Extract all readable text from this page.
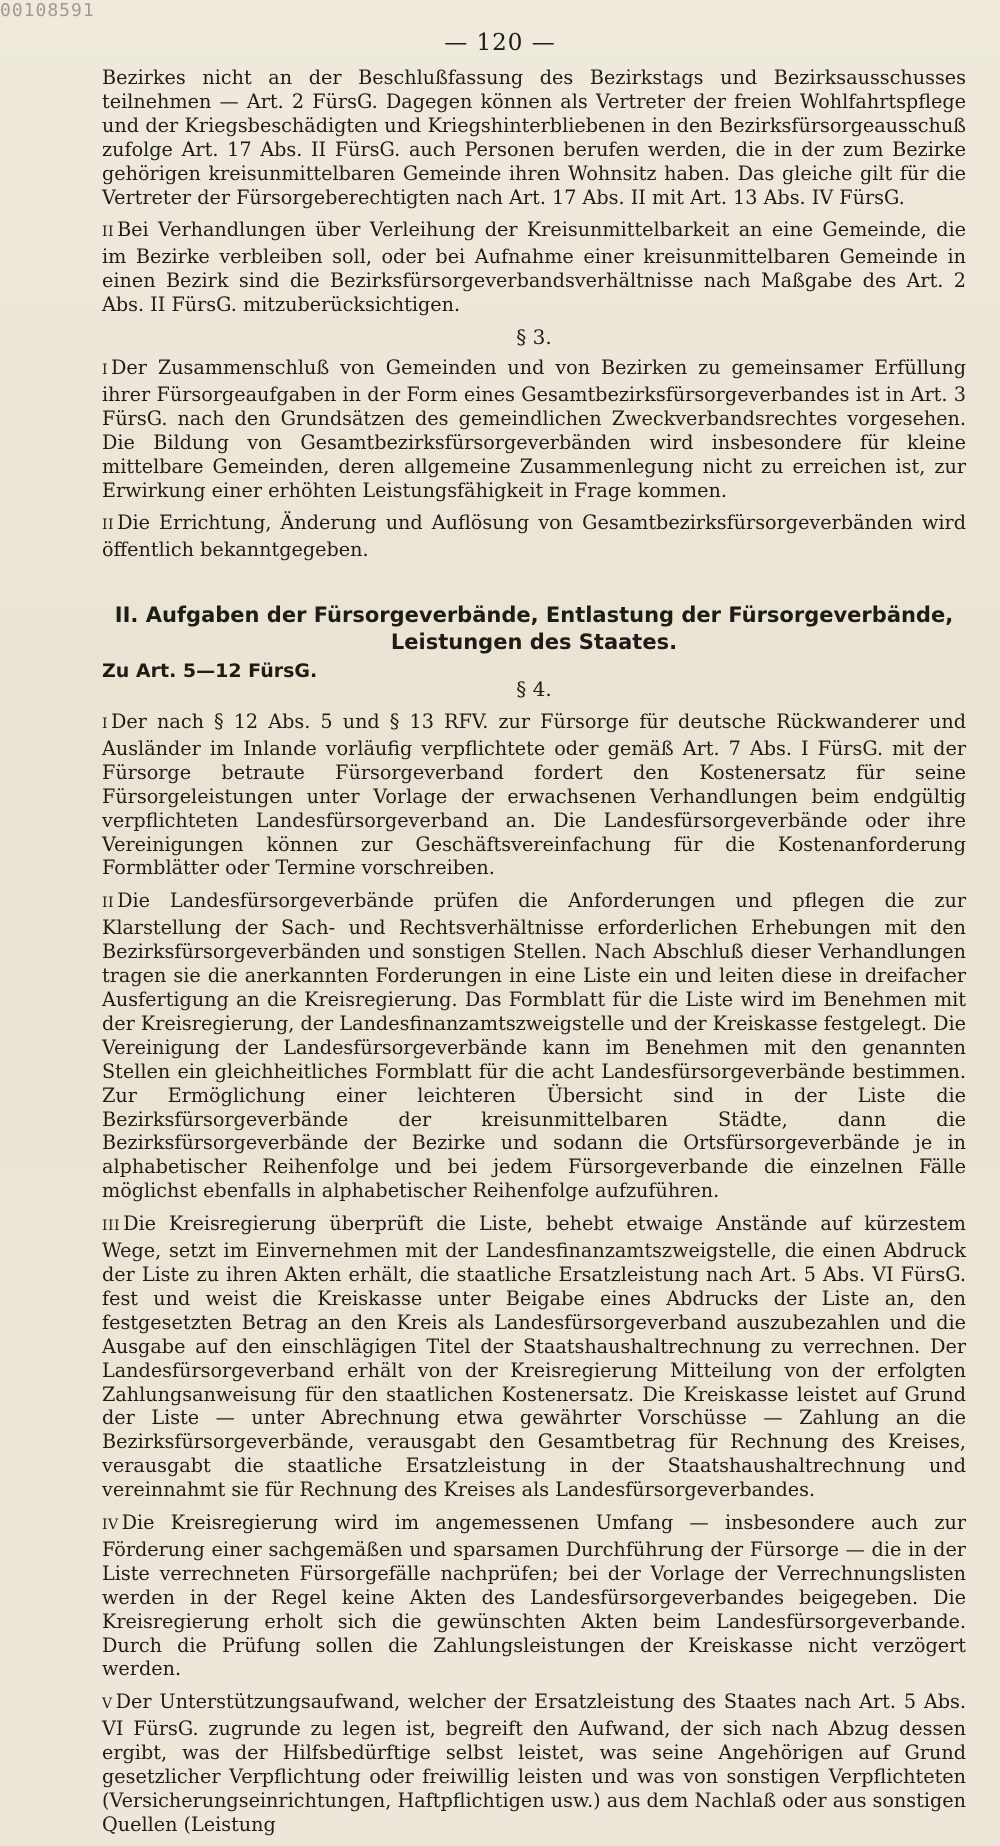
00108591
— 120 —

Bezirkes nicht an der Beschlußfassung des Bezirkstags und Bezirksausschusses teilnehmen — Art. 2 FürsG. Dagegen können als Vertreter der freien Wohlfahrtspflege und der Kriegsbeschädigten und Kriegshinterbliebenen in den Bezirksfürsorgeausschuß zufolge Art. 17 Abs. II FürsG. auch Personen berufen werden, die in der zum Bezirke gehörigen kreisunmittelbaren Gemeinde ihren Wohnsitz haben. Das gleiche gilt für die Vertreter der Fürsorgeberechtigten nach Art. 17 Abs. II mit Art. 13 Abs. IV FürsG.

II Bei Verhandlungen über Verleihung der Kreisunmittelbarkeit an eine Gemeinde, die im Bezirke verbleiben soll, oder bei Aufnahme einer kreisunmittelbaren Gemeinde in einen Bezirk sind die Bezirksfürsorgeverbandsverhältnisse nach Maßgabe des Art. 2 Abs. II FürsG. mitzuberücksichtigen.

§ 3.

I Der Zusammenschluß von Gemeinden und von Bezirken zu gemeinsamer Erfüllung ihrer Fürsorgeaufgaben in der Form eines Gesamtbezirksfürsorgeverbandes ist in Art. 3 FürsG. nach den Grundsätzen des gemeindlichen Zweckverbandsrechtes vorgesehen. Die Bildung von Gesamtbezirksfürsorgeverbänden wird insbesondere für kleine mittelbare Gemeinden, deren allgemeine Zusammenlegung nicht zu erreichen ist, zur Erwirkung einer erhöhten Leistungsfähigkeit in Frage kommen.

II Die Errichtung, Änderung und Auflösung von Gesamtbezirksfürsorgeverbänden wird öffentlich bekanntgegeben.

II. Aufgaben der Fürsorgeverbände, Entlastung der Fürsorgeverbände, Leistungen des Staates.
Zu Art. 5—12 FürsG.
§ 4.

I Der nach § 12 Abs. 5 und § 13 RFV. zur Fürsorge für deutsche Rückwanderer und Ausländer im Inlande vorläufig verpflichtete oder gemäß Art. 7 Abs. I FürsG. mit der Fürsorge betraute Fürsorgeverband fordert den Kostenersatz für seine Fürsorgeleistungen unter Vorlage der erwachsenen Verhandlungen beim endgültig verpflichteten Landesfürsorgeverband an. Die Landesfürsorgeverbände oder ihre Vereinigungen können zur Geschäftsvereinfachung für die Kostenanforderung Formblätter oder Termine vorschreiben.

II Die Landesfürsorgeverbände prüfen die Anforderungen und pflegen die zur Klarstellung der Sach- und Rechtsverhältnisse erforderlichen Erhebungen mit den Bezirksfürsorgeverbänden und sonstigen Stellen. Nach Abschluß dieser Verhandlungen tragen sie die anerkannten Forderungen in eine Liste ein und leiten diese in dreifacher Ausfertigung an die Kreisregierung. Das Formblatt für die Liste wird im Benehmen mit der Kreisregierung, der Landesfinanzamtszweigstelle und der Kreiskasse festgelegt. Die Vereinigung der Landesfürsorgeverbände kann im Benehmen mit den genannten Stellen ein gleichheitliches Formblatt für die acht Landesfürsorgeverbände bestimmen. Zur Ermöglichung einer leichteren Übersicht sind in der Liste die Bezirksfürsorgeverbände der kreisunmittelbaren Städte, dann die Bezirksfürsorgeverbände der Bezirke und sodann die Ortsfürsorgeverbände je in alphabetischer Reihenfolge und bei jedem Fürsorgeverbande die einzelnen Fälle möglichst ebenfalls in alphabetischer Reihenfolge aufzuführen.

III Die Kreisregierung überprüft die Liste, behebt etwaige Anstände auf kürzestem Wege, setzt im Einvernehmen mit der Landesfinanzamtszweigstelle, die einen Abdruck der Liste zu ihren Akten erhält, die staatliche Ersatzleistung nach Art. 5 Abs. VI FürsG. fest und weist die Kreiskasse unter Beigabe eines Abdrucks der Liste an, den festgesetzten Betrag an den Kreis als Landesfürsorgeverband auszubezahlen und die Ausgabe auf den einschlägigen Titel der Staatshaushaltrechnung zu verrechnen. Der Landesfürsorgeverband erhält von der Kreisregierung Mitteilung von der erfolgten Zahlungsanweisung für den staatlichen Kostenersatz. Die Kreiskasse leistet auf Grund der Liste — unter Abrechnung etwa gewährter Vorschüsse — Zahlung an die Bezirksfürsorgeverbände, verausgabt den Gesamtbetrag für Rechnung des Kreises, verausgabt die staatliche Ersatzleistung in der Staatshaushaltrechnung und vereinnahmt sie für Rechnung des Kreises als Landesfürsorgeverbandes.

IV Die Kreisregierung wird im angemessenen Umfang — insbesondere auch zur Förderung einer sachgemäßen und sparsamen Durchführung der Fürsorge — die in der Liste verrechneten Fürsorgefälle nachprüfen; bei der Vorlage der Verrechnungslisten werden in der Regel keine Akten des Landesfürsorgeverbandes beigegeben. Die Kreisregierung erholt sich die gewünschten Akten beim Landesfürsorgeverbande. Durch die Prüfung sollen die Zahlungsleistungen der Kreiskasse nicht verzögert werden.

V Der Unterstützungsaufwand, welcher der Ersatzleistung des Staates nach Art. 5 Abs. VI FürsG. zugrunde zu legen ist, begreift den Aufwand, der sich nach Abzug dessen ergibt, was der Hilfsbedürftige selbst leistet, was seine Angehörigen auf Grund gesetzlicher Verpflichtung oder freiwillig leisten und was von sonstigen Verpflichteten (Versicherungseinrichtungen, Haftpflichtigen usw.) aus dem Nachlaß oder aus sonstigen Quellen (Leistung
